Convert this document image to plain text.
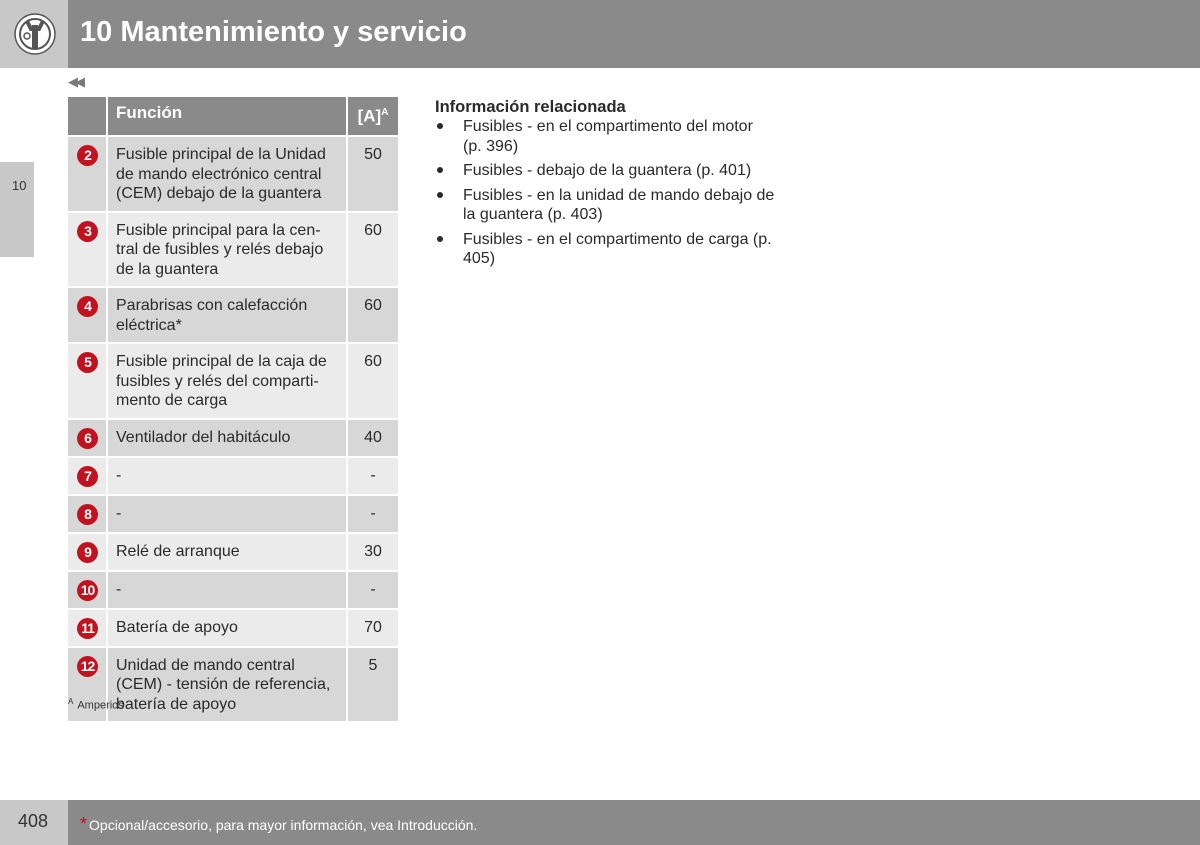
10 Mantenimiento y servicio
◀◀
10
	Función	$[A]^A$
2	Fusible principal de la Unidad de mando electrónico central (CEM) debajo de la guantera	50
3	Fusible principal para la cen-tral de fusibles y relés debajo de la guantera	60
4	Parabrisas con calefacción eléctrica*	60
5	Fusible principal de la caja de fusibles y relés del comparti-mento de carga	60
6	Ventilador del habitáculo	40
7	-	-
8	-	-
9	Relé de arranque	30
10	-	-
11	Batería de apoyo	70
12	Unidad de mando central (CEM) - tensión de referencia, batería de apoyo	5
$^A$ Amperios
Información relacionada
Fusibles - en el compartimento del motor (p. 396)
Fusibles - debajo de la guantera (p. 401)
Fusibles - en la unidad de mando debajo de la guantera (p. 403)
Fusibles - en el compartimento de carga (p. 405)
408 * Opcional/accesorio, para mayor información, vea Introducción.
